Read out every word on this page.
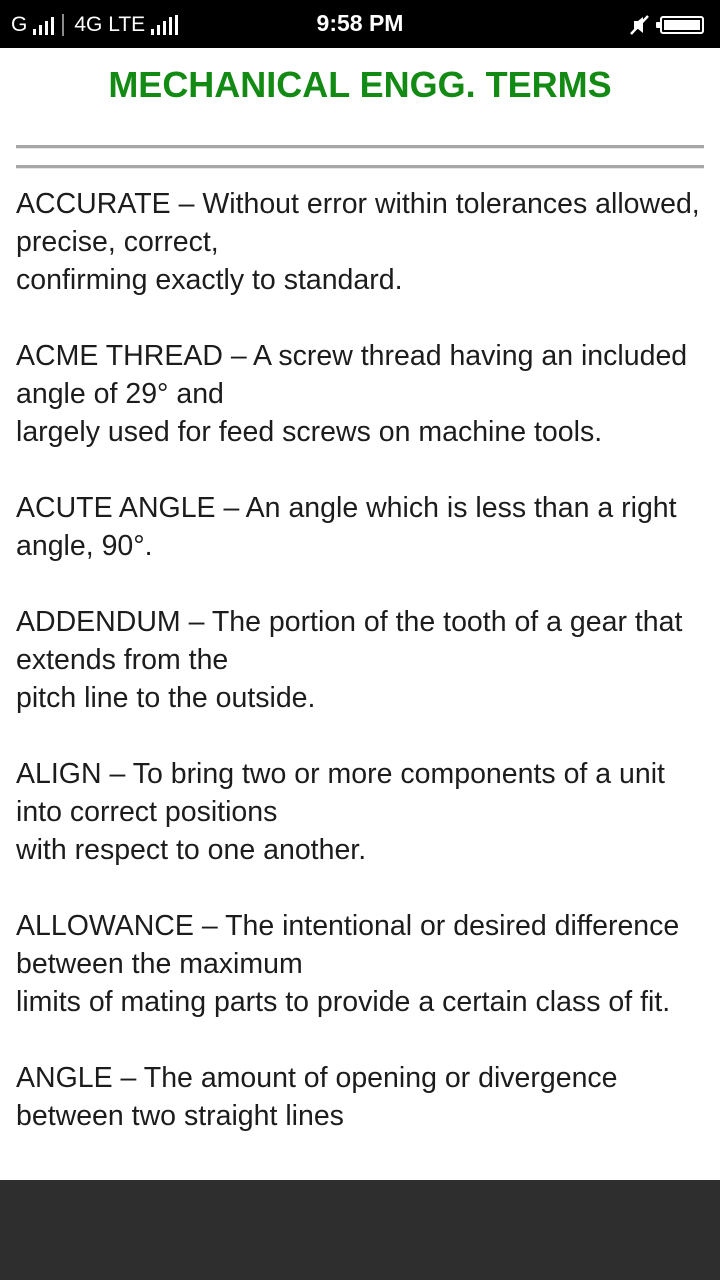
G 4G LTE	9:58 PM
MECHANICAL ENGG. TERMS

ACCURATE – Without error within tolerances allowed, precise, correct,
confirming exactly to standard.

ACME THREAD – A screw thread having an included angle of 29° and
largely used for feed screws on machine tools.

ACUTE ANGLE – An angle which is less than a right angle, 90°.

ADDENDUM – The portion of the tooth of a gear that extends from the
pitch line to the outside.

ALIGN – To bring two or more components of a unit into correct positions
with respect to one another.

ALLOWANCE – The intentional or desired difference between the maximum
limits of mating parts to provide a certain class of fit.

ANGLE – The amount of opening or divergence between two straight lines
